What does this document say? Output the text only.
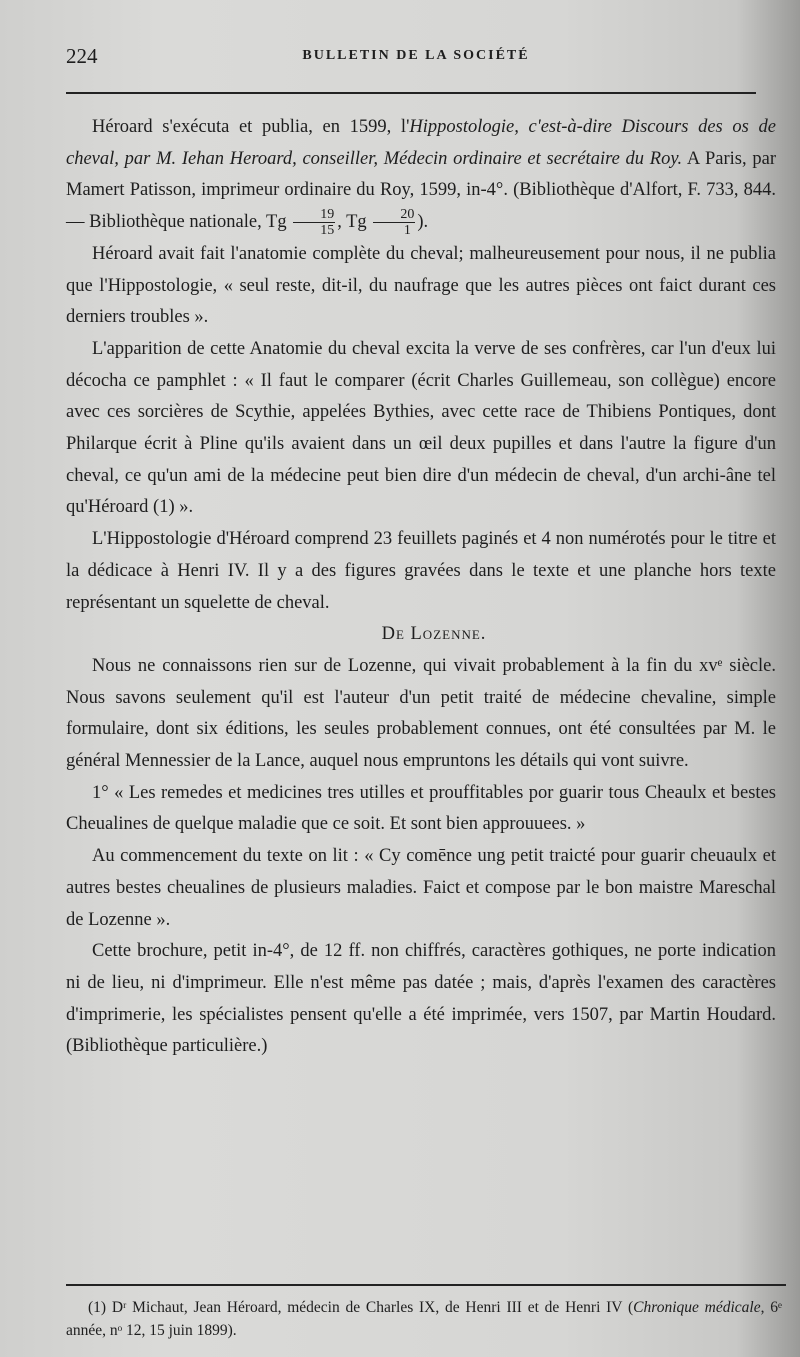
224	BULLETIN DE LA SOCIÉTÉ

Héroard s'exécuta et publia, en 1599, l'Hippostologie, c'est-à-dire Discours des os de cheval, par M. Iehan Heroard, conseiller, Médecin ordinaire et secrétaire du Roy. A Paris, par Mamert Patisson, imprimeur ordinaire du Roy, 1599, in-4°. (Bibliothèque d'Alfort, F. 733, 844. — Bibliothèque nationale, Tg $\frac{19}{15}$ , Tg $\frac{20}{1}$ ).

Héroard avait fait l'anatomie complète du cheval; malheureusement pour nous, il ne publia que l'Hippostologie, « seul reste, dit-il, du naufrage que les autres pièces ont faict durant ces derniers troubles ».

L'apparition de cette Anatomie du cheval excita la verve de ses confrères, car l'un d'eux lui décocha ce pamphlet : « Il faut le comparer (écrit Charles Guillemeau, son collègue) encore avec ces sorcières de Scythie, appelées Bythies, avec cette race de Thibiens Pontiques, dont Philarque écrit à Pline qu'ils avaient dans un œil deux pupilles et dans l'autre la figure d'un cheval, ce qu'un ami de la médecine peut bien dire d'un médecin de cheval, d'un archi-âne tel qu'Héroard (1) ».

L'Hippostologie d'Héroard comprend 23 feuillets paginés et 4 non numérotés pour le titre et la dédicace à Henri IV. Il y a des figures gravées dans le texte et une planche hors texte représentant un squelette de cheval.

De Lozenne.

Nous ne connaissons rien sur de Lozenne, qui vivait probablement à la fin du xvᵉ siècle. Nous savons seulement qu'il est l'auteur d'un petit traité de médecine chevaline, simple formulaire, dont six éditions, les seules probablement connues, ont été consultées par M. le général Mennessier de la Lance, auquel nous empruntons les détails qui vont suivre.

1° « Les remedes et medicines tres utilles et prouffitables por guarir tous Cheaulx et bestes Cheualines de quelque maladie que ce soit. Et sont bien approuuees. »

Au commencement du texte on lit : « Cy comēnce ung petit traicté pour guarir cheuaulx et autres bestes cheualines de plusieurs maladies. Faict et compose par le bon maistre Mareschal de Lozenne ».

Cette brochure, petit in-4°, de 12 ff. non chiffrés, caractères gothiques, ne porte indication ni de lieu, ni d'imprimeur. Elle n'est même pas datée ; mais, d'après l'examen des caractères d'imprimerie, les spécialistes pensent qu'elle a été imprimée, vers 1507, par Martin Houdard. (Bibliothèque particulière.)

(1) Dʳ Michaut, Jean Héroard, médecin de Charles IX, de Henri III et de Henri IV (Chronique médicale, 6ᵉ année, nᵒ 12, 15 juin 1899).
